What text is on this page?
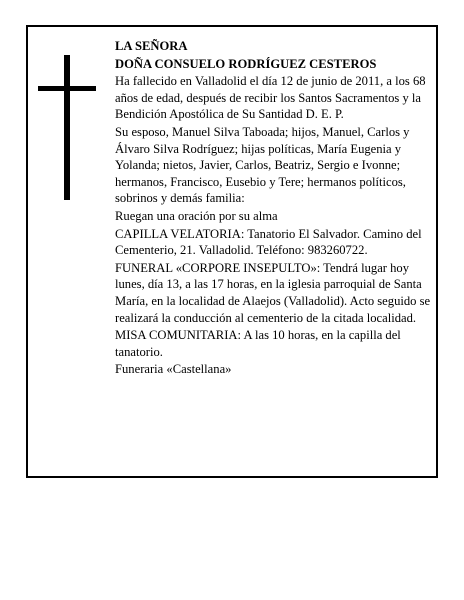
LA SEÑORA

DOÑA CONSUELO RODRÍGUEZ CESTEROS

Ha fallecido en Valladolid el día 12 de junio de 2011, a los 68 años de edad, después de recibir los Santos Sacramentos y la Bendición Apostólica de Su Santidad D. E. P.

Su esposo, Manuel Silva Taboada; hijos, Manuel, Carlos y Álvaro Silva Rodríguez; hijas políticas, María Eugenia y Yolanda; nietos, Javier, Carlos, Beatriz, Sergio e Ivonne; hermanos, Francisco, Eusebio y Tere; hermanos políticos, sobrinos y demás familia:

Ruegan una oración por su alma

CAPILLA VELATORIA: Tanatorio El Salvador. Camino del Cementerio, 21. Valladolid. Teléfono: 983260722.

FUNERAL «CORPORE INSEPULTO»: Tendrá lugar hoy lunes, día 13, a las 17 horas, en la iglesia parroquial de Santa María, en la localidad de Alaejos (Valladolid). Acto seguido se realizará la conducción al cementerio de la citada localidad.

MISA COMUNITARIA: A las 10 horas, en la capilla del tanatorio.

Funeraria «Castellana»
